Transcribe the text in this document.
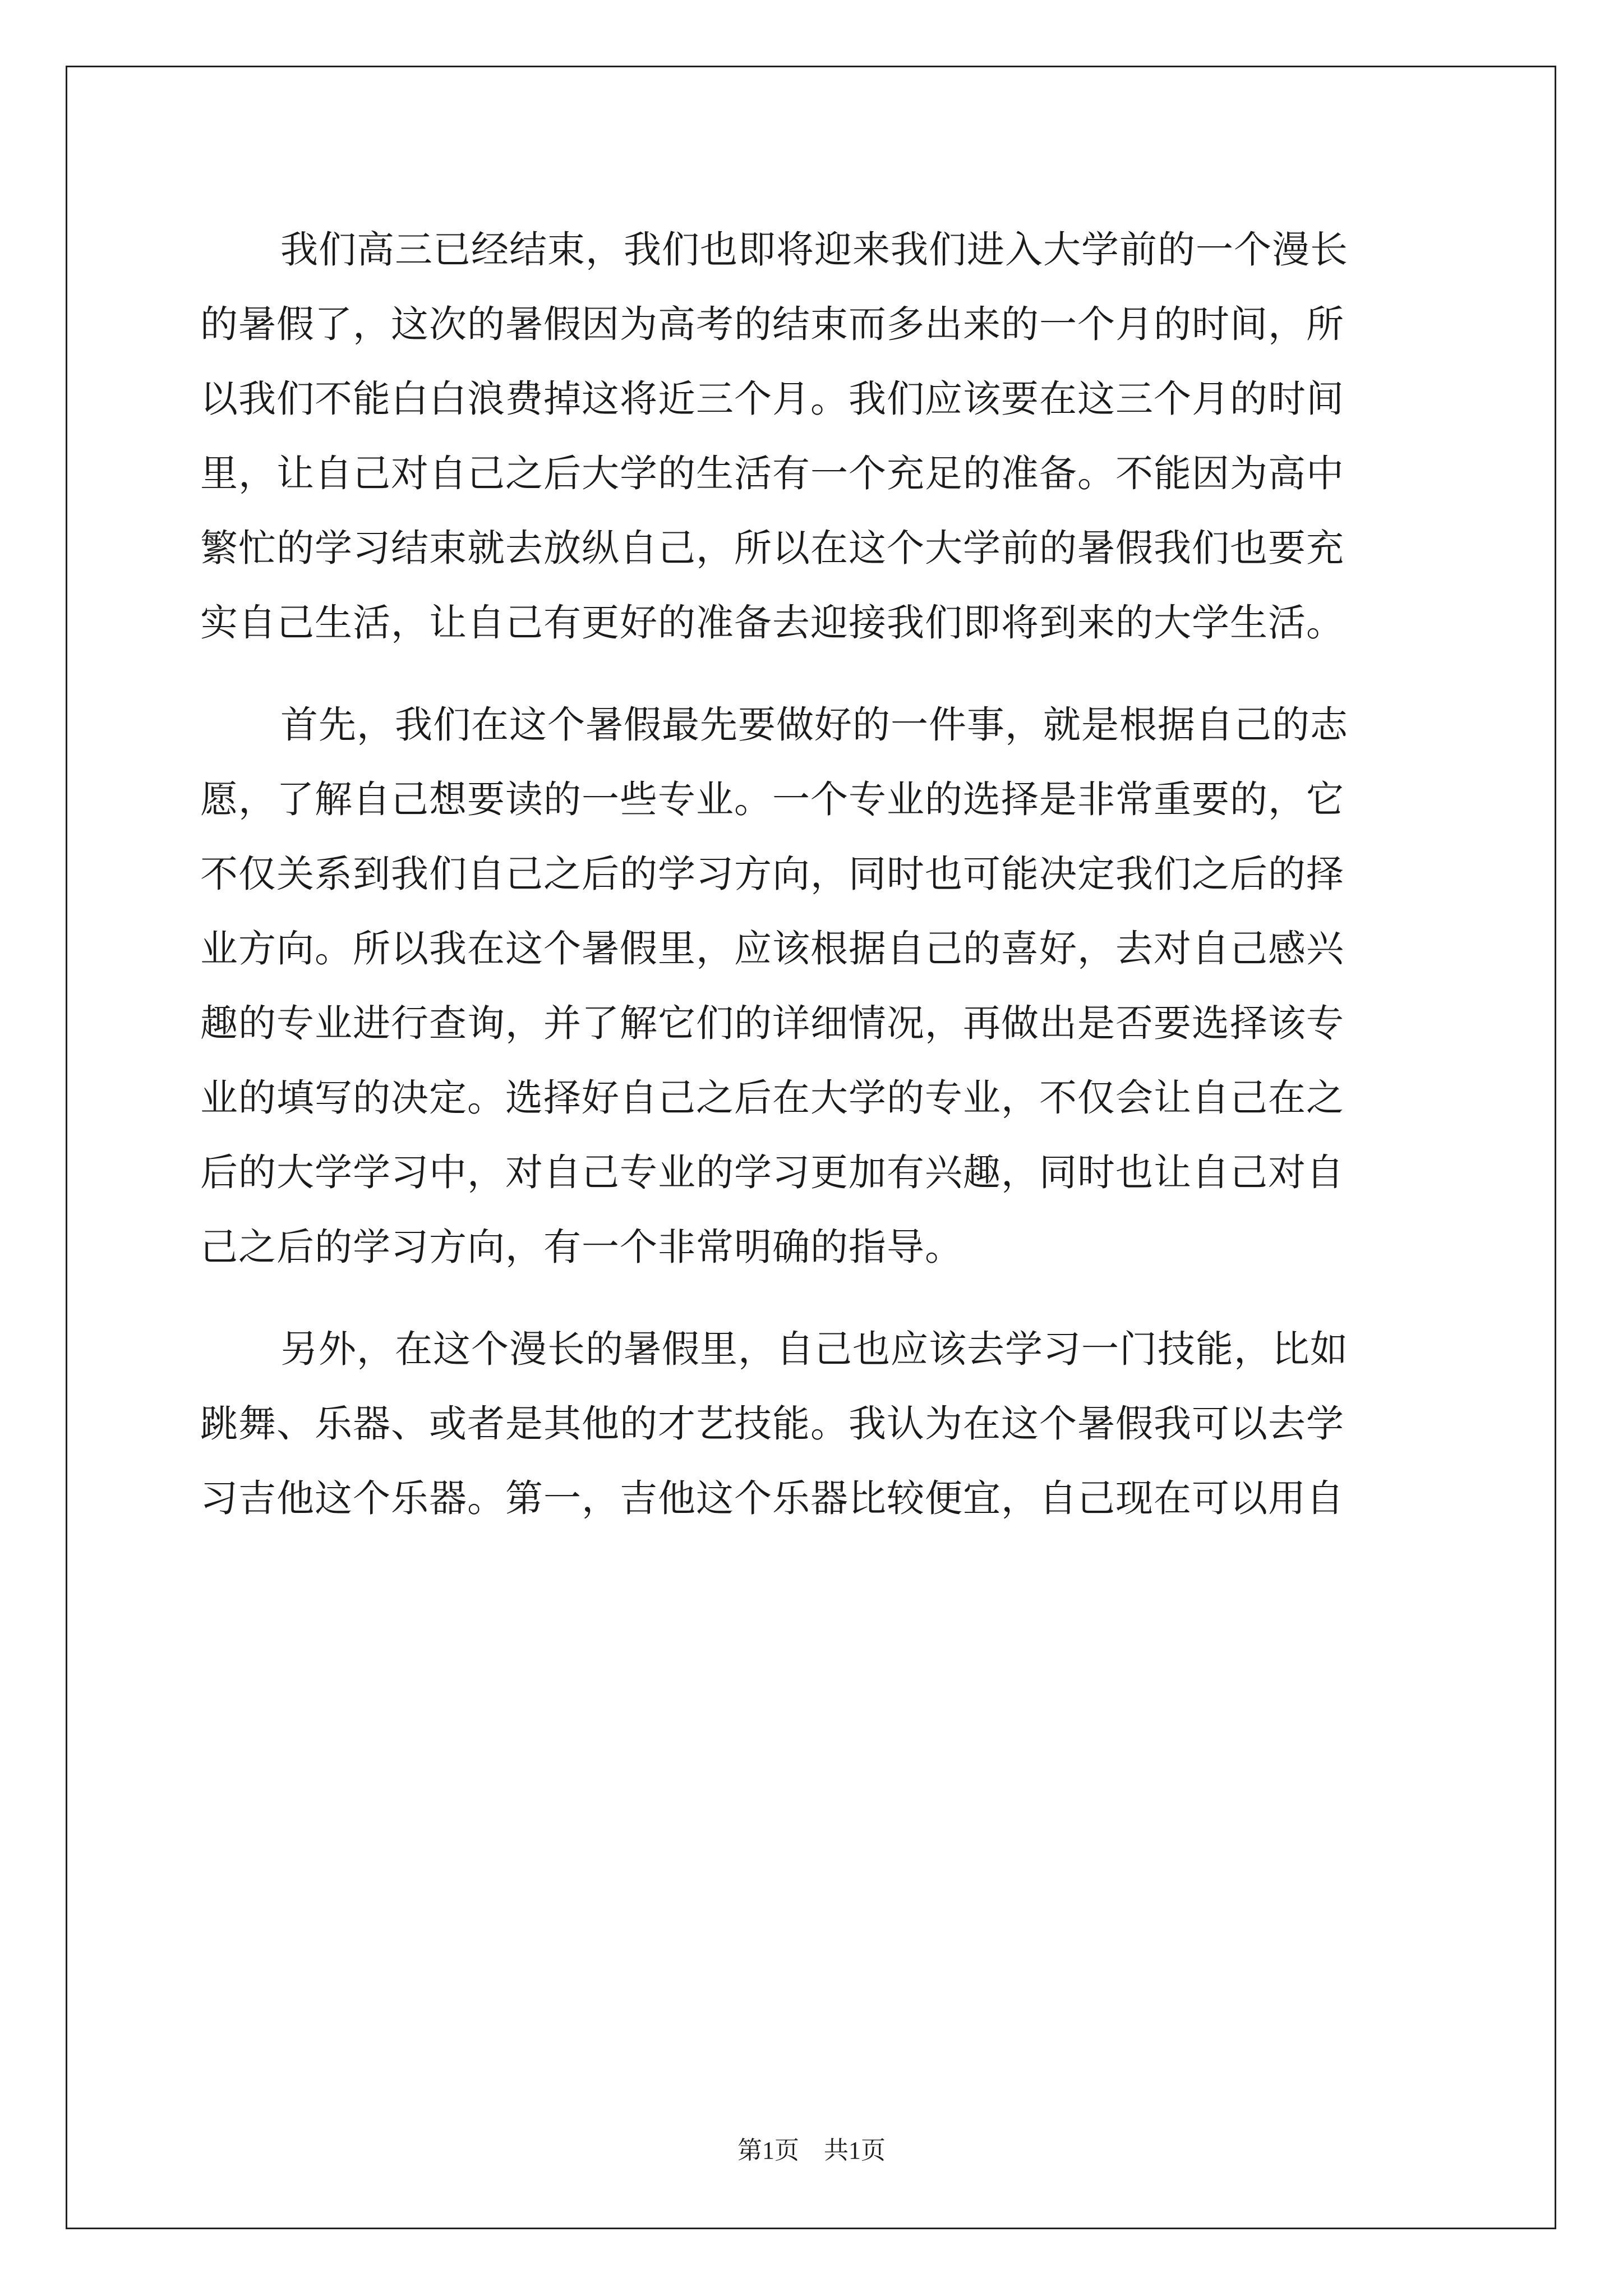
我们高三已经结束，我们也即将迎来我们进入大学前的一个漫长
的暑假了，这次的暑假因为高考的结束而多出来的一个月的时间，所
以我们不能白白浪费掉这将近三个月。我们应该要在这三个月的时间
里，让自己对自己之后大学的生活有一个充足的准备。不能因为高中
繁忙的学习结束就去放纵自己，所以在这个大学前的暑假我们也要充
实自己生活，让自己有更好的准备去迎接我们即将到来的大学生活。
首先，我们在这个暑假最先要做好的一件事，就是根据自己的志
愿，了解自己想要读的一些专业。一个专业的选择是非常重要的，它
不仅关系到我们自己之后的学习方向，同时也可能决定我们之后的择
业方向。所以我在这个暑假里，应该根据自己的喜好，去对自己感兴
趣的专业进行查询，并了解它们的详细情况，再做出是否要选择该专
业的填写的决定。选择好自己之后在大学的专业，不仅会让自己在之
后的大学学习中，对自己专业的学习更加有兴趣，同时也让自己对自
己之后的学习方向，有一个非常明确的指导。
另外，在这个漫长的暑假里，自己也应该去学习一门技能，比如
跳舞、乐器、或者是其他的才艺技能。我认为在这个暑假我可以去学
习吉他这个乐器。第一，吉他这个乐器比较便宜，自己现在可以用自
第1页 共1页
